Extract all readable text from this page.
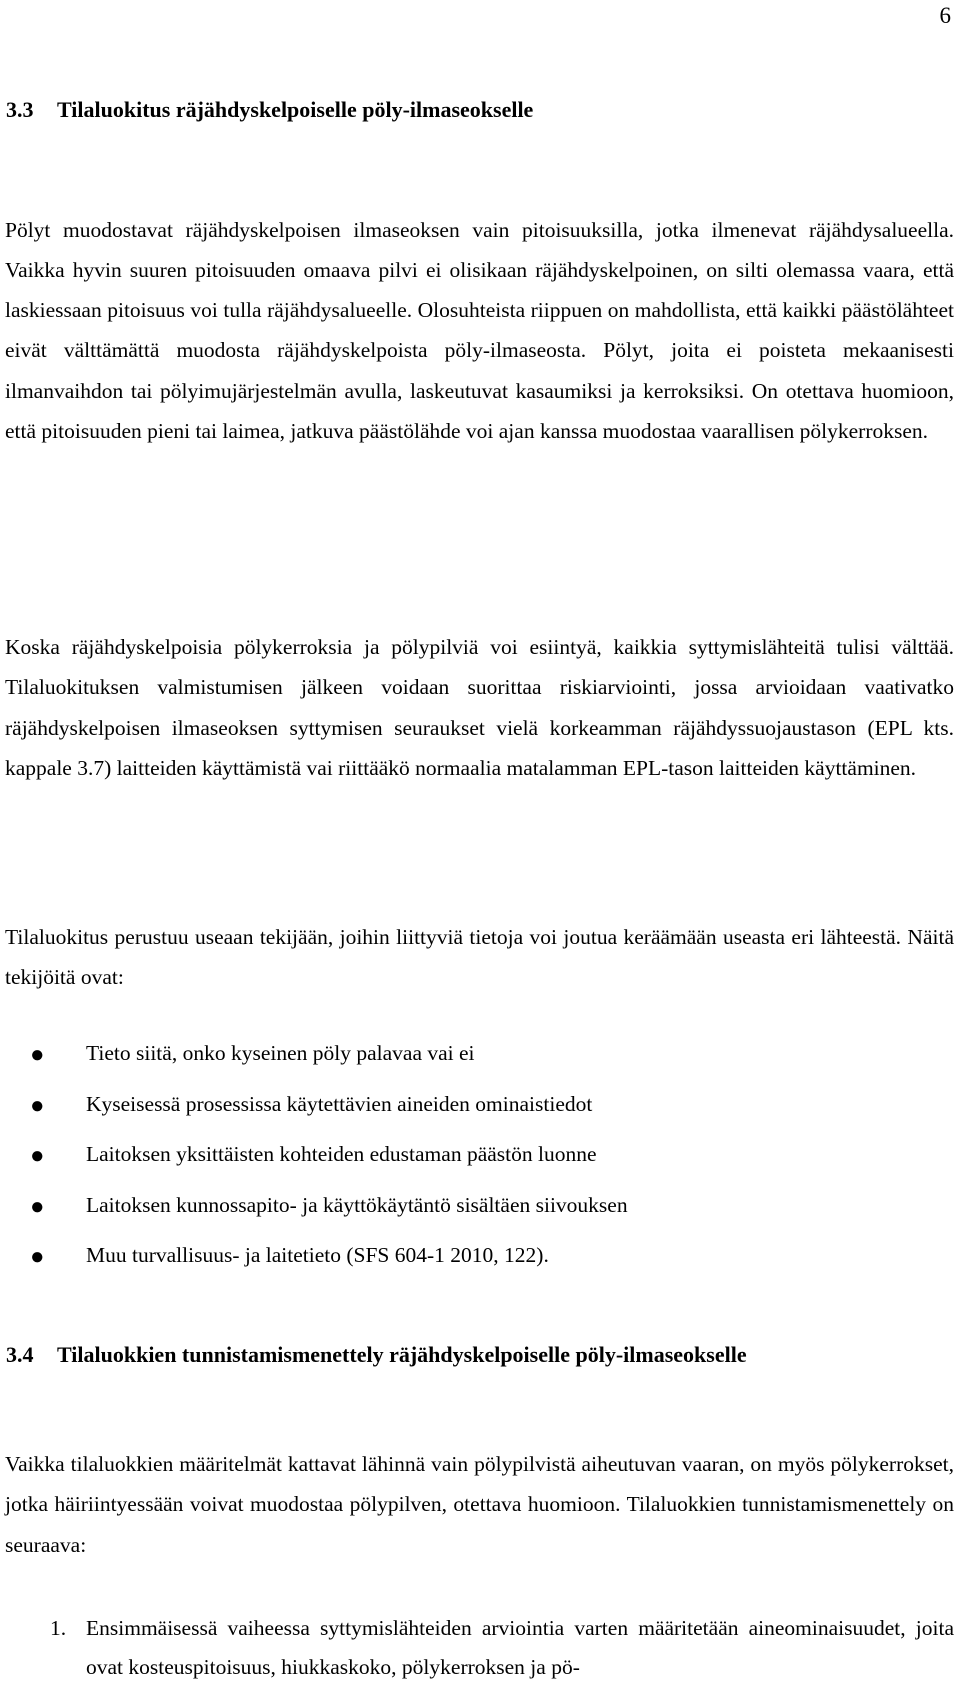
6
3.3 Tilaluokitus räjähdyskelpoiselle pöly-ilmaseokselle

Pölyt muodostavat räjähdyskelpoisen ilmaseoksen vain pitoisuuksilla, jotka ilmenevat räjähdysalueella. Vaikka hyvin suuren pitoisuuden omaava pilvi ei olisikaan räjähdyskelpoinen, on silti olemassa vaara, että laskiessaan pitoisuus voi tulla räjähdysalueelle. Olosuhteista riippuen on mahdollista, että kaikki päästölähteet eivät välttämättä muodosta räjähdyskelpoista pöly-ilmaseosta. Pölyt, joita ei poisteta mekaanisesti ilmanvaihdon tai pölyimujärjestelmän avulla, laskeutuvat kasaumiksi ja kerroksiksi. On otettava huomioon, että pitoisuuden pieni tai laimea, jatkuva päästölähde voi ajan kanssa muodostaa vaarallisen pölykerroksen.

Koska räjähdyskelpoisia pölykerroksia ja pölypilviä voi esiintyä, kaikkia syttymislähteitä tulisi välttää. Tilaluokituksen valmistumisen jälkeen voidaan suorittaa riskiarviointi, jossa arvioidaan vaativatko räjähdyskelpoisen ilmaseoksen syttymisen seuraukset vielä korkeamman räjähdyssuojaustason (EPL kts. kappale 3.7) laitteiden käyttämistä vai riittääkö normaalia matalamman EPL-tason laitteiden käyttäminen.

Tilaluokitus perustuu useaan tekijään, joihin liittyviä tietoja voi joutua keräämään useasta eri lähteestä. Näitä tekijöitä ovat:

● Tieto siitä, onko kyseinen pöly palavaa vai ei
● Kyseisessä prosessissa käytettävien aineiden ominaistiedot
● Laitoksen yksittäisten kohteiden edustaman päästön luonne
● Laitoksen kunnossapito- ja käyttökäytäntö sisältäen siivouksen
● Muu turvallisuus- ja laitetieto (SFS 604-1 2010, 122).
3.4 Tilaluokkien tunnistamismenettely räjähdyskelpoiselle pöly-ilmaseokselle

Vaikka tilaluokkien määritelmät kattavat lähinnä vain pölypilvistä aiheutuvan vaaran, on myös pölykerrokset, jotka häiriintyessään voivat muodostaa pölypilven, otettava huomioon. Tilaluokkien tunnistamismenettely on seuraava:

1. Ensimmäisessä vaiheessa syttymislähteiden arviointia varten määritetään aineominaisuudet, joita ovat kosteuspitoisuus, hiukkaskoko, pölykerroksen ja pö-
